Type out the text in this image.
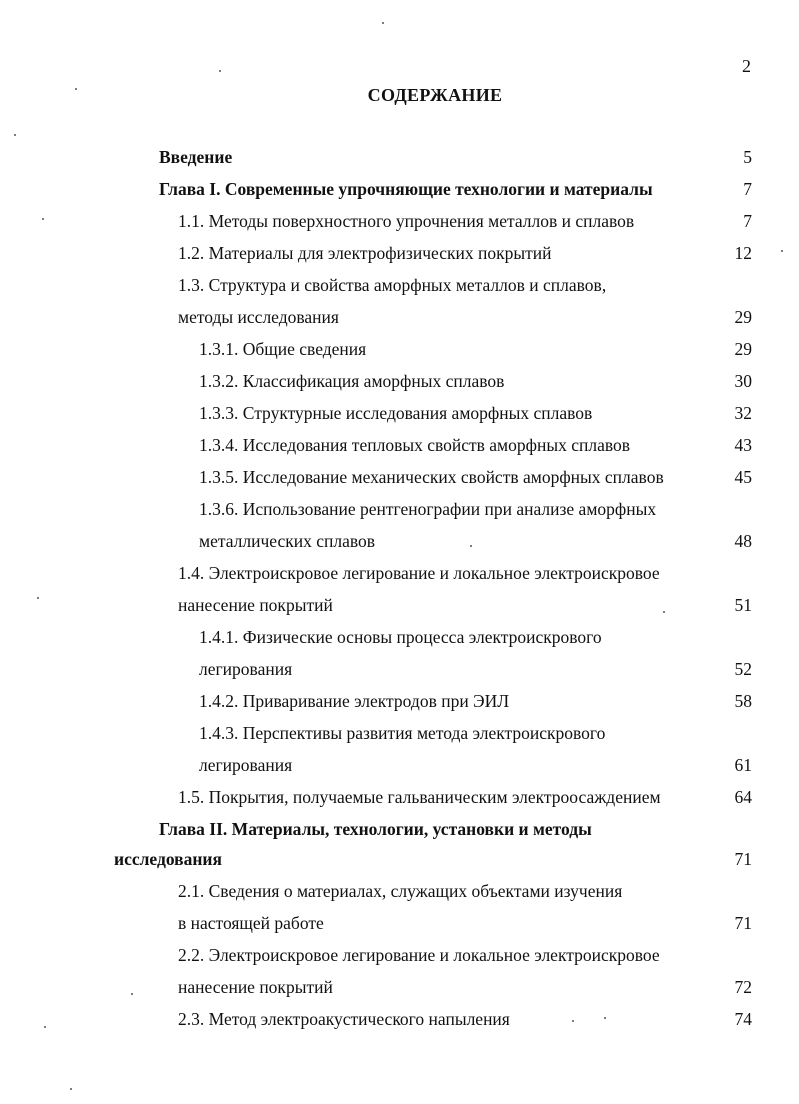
2
СОДЕРЖАНИЕ
Введение	5
Глава I. Современные упрочняющие технологии и материалы	7
1.1. Методы поверхностного упрочнения металлов и сплавов	7
1.2. Материалы для электрофизических покрытий	12
1.3. Структура и свойства аморфных металлов и сплавов,
методы исследования	29
1.3.1. Общие сведения	29
1.3.2. Классификация аморфных сплавов	30
1.3.3. Структурные исследования аморфных сплавов	32
1.3.4. Исследования тепловых свойств аморфных сплавов	43
1.3.5. Исследование механических свойств аморфных сплавов	45
1.3.6. Использование рентгенографии при анализе аморфных
металлических сплавов	48
1.4. Электроискровое легирование и локальное электроискровое
нанесение покрытий	51
1.4.1. Физические основы процесса электроискрового
легирования	52
1.4.2. Приваривание электродов при ЭИЛ	58
1.4.3. Перспективы развития метода электроискрового
легирования	61
1.5. Покрытия, получаемые гальваническим электроосаждением	64
Глава II. Материалы, технологии, установки и методы
исследования	71
2.1. Сведения о материалах, служащих объектами изучения
в настоящей работе	71
2.2. Электроискровое легирование и локальное электроискровое
нанесение покрытий	72
2.3. Метод электроакустического напыления	74
